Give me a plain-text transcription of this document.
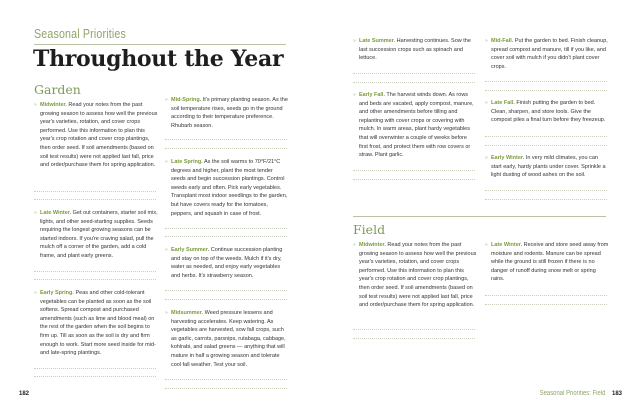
Seasonal Priorities
Throughout the Year
Garden
Field
» Midwinter. Read your notes from the past growing season to assess how well the previous year's varieties, rotation, and cover crops performed. Use this information to plan this year's crop rotation and cover crop plantings, then order seed. If soil amendments (based on soil test results) were not applied last fall, price and order/purchase them for spring application.
» Late Winter. Get out containers, starter soil mix, lights, and other seed-starting supplies. Seeds requiring the longest growing seasons can be started indoors. If you're craving salad, pull the mulch off a corner of the garden, add a cold frame, and plant early greens.
» Early Spring. Peas and other cold-tolerant vegetables can be planted as soon as the soil softens. Spread compost and purchased amendments (such as lime and blood meal) on the rest of the garden when the soil begins to firm up. Till as soon as the soil is dry and firm enough to work. Start more seed inside for mid- and late-spring plantings.
» Mid-Spring. It's primary planting season. As the soil temperature rises, seeds go in the ground according to their temperature preference. Rhubarb season.
» Late Spring. As the soil warms to 70°F/21°C degrees and higher, plant the most tender seeds and begin succession plantings. Control weeds early and often. Pick early vegetables. Transplant most indoor seedlings to the garden, but have covers ready for the tomatoes, peppers, and squash in case of frost.
» Early Summer. Continue succession planting and stay on top of the weeds. Mulch if it's dry, water as needed, and enjoy early vegetables and herbs. It's strawberry season.
» Midsummer. Weed pressure lessens and harvesting accelerates. Keep watering. As vegetables are harvested, sow fall crops, such as garlic, carrots, parsnips, rutabaga, cabbage, kohlrabi, and salad greens — anything that will mature in half a growing season and tolerate cool fall weather. Test your soil.
» Late Summer. Harvesting continues. Sow the last succession crops such as spinach and lettuce.
» Early Fall. The harvest winds down. As rows and beds are vacated, apply compost, manure, and other amendments before tilling and replanting with cover crops or covering with mulch. In warm areas, plant hardy vegetables that will overwinter a couple of weeks before first frost, and protect them with row covers or straw. Plant garlic.
» Mid-Fall. Put the garden to bed. Finish cleanup, spread compost and manure, till if you like, and cover soil with mulch if you didn't plant cover crops.
» Late Fall. Finish putting the garden to bed. Clean, sharpen, and store tools. Give the compost piles a final turn before they freezeup.
» Early Winter. In very mild climates, you can start early, hardy plants under cover. Sprinkle a light dusting of wood ashes on the soil.
» Midwinter. Read your notes from the past growing season to assess how well the previous year's varieties, rotation, and cover crops performed. Use this information to plan this year's crop rotation and cover crop plantings, then order seed. If soil amendments (based on soil test results) were not applied last fall, price and order/purchase them for spring application.
» Late Winter. Receive and store seed away from moisture and rodents. Manure can be spread while the ground is still frozen if there is no danger of runoff during snow melt or spring rains.
182	Seasonal Priorities: Field 183
